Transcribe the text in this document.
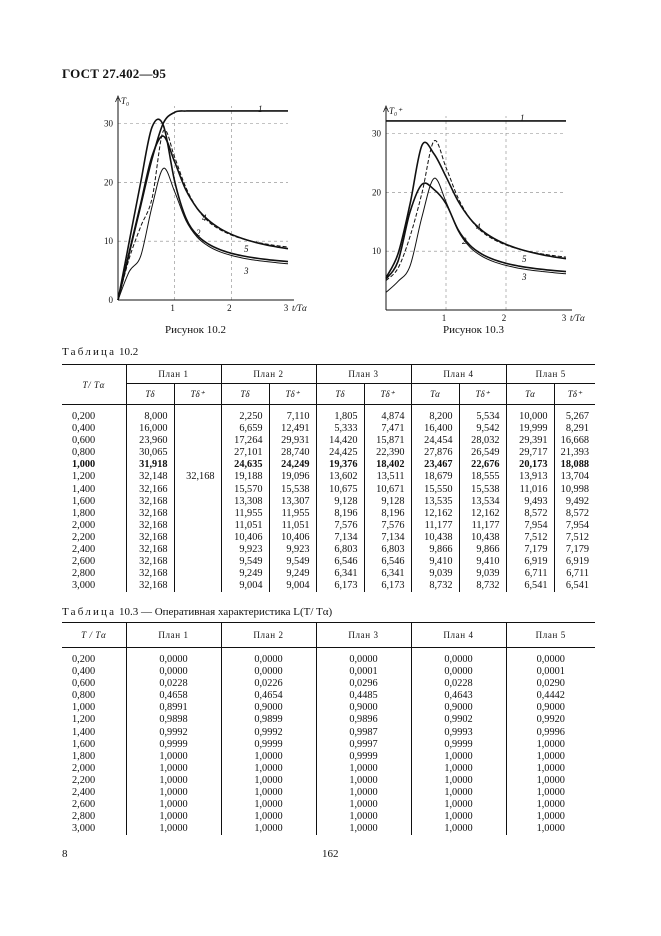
ГОСТ 27.402—95
0
10
20
30
1	2	3
Т₀
t/Tα
1
2
3
4
5
Рисунок 10.2
10
20
30
1	2	3
Т₀⁺
t/Tα
1
2
3
4
5
Рисунок 10.3
Таблица 10.2
T/ Tα	План 1		План 2		План 3		План 4		План 5	
	Тδ	Тδ⁺	Тδ	Тδ⁺	Тδ	Тδ⁺	Тα	Тδ⁺	Тα	Тδ⁺
0,200	8,000		2,250	7,110	1,805	4,874	8,200	5,534	10,000	5,267
0,400	16,000		6,659	12,491	5,333	7,471	16,400	9,542	19,999	8,291
0,600	23,960		17,264	29,931	14,420	15,871	24,454	28,032	29,391	16,668
0,800	30,065		27,101	28,740	24,425	22,390	27,876	26,549	29,717	21,393
1,000	31,918		24,635	24,249	19,376	18,402	23,467	22,676	20,173	18,088
1,200	32,148	32,168	19,188	19,096	13,602	13,511	18,679	18,555	13,913	13,704
1,400	32,166		15,570	15,538	10,675	10,671	15,550	15,538	11,016	10,998
1,600	32,168		13,308	13,307	9,128	9,128	13,535	13,534	9,493	9,492
1,800	32,168		11,955	11,955	8,196	8,196	12,162	12,162	8,572	8,572
2,000	32,168		11,051	11,051	7,576	7,576	11,177	11,177	7,954	7,954
2,200	32,168		10,406	10,406	7,134	7,134	10,438	10,438	7,512	7,512
2,400	32,168		9,923	9,923	6,803	6,803	9,866	9,866	7,179	7,179
2,600	32,168		9,549	9,549	6,546	6,546	9,410	9,410	6,919	6,919
2,800	32,168		9,249	9,249	6,341	6,341	9,039	9,039	6,711	6,711
3,000	32,168		9,004	9,004	6,173	6,173	8,732	8,732	6,541	6,541
Таблица 10.3 — Оперативная характеристика L(T/ Tα)
T / Tα	План 1	План 2	План 3	План 4	План 5
0,200	0,0000	0,0000	0,0000	0,0000	0,0000
0,400	0,0000	0,0000	0,0001	0,0000	0,0001
0,600	0,0228	0,0226	0,0296	0,0228	0,0290
0,800	0,4658	0,4654	0,4485	0,4643	0,4442
1,000	0,8991	0,9000	0,9000	0,9000	0,9000
1,200	0,9898	0,9899	0,9896	0,9902	0,9920
1,400	0,9992	0,9992	0,9987	0,9993	0,9996
1,600	0,9999	0,9999	0,9997	0,9999	1,0000
1,800	1,0000	1,0000	0,9999	1,0000	1,0000
2,000	1,0000	1,0000	1,0000	1,0000	1,0000
2,200	1,0000	1,0000	1,0000	1,0000	1,0000
2,400	1,0000	1,0000	1,0000	1,0000	1,0000
2,600	1,0000	1,0000	1,0000	1,0000	1,0000
2,800	1,0000	1,0000	1,0000	1,0000	1,0000
3,000	1,0000	1,0000	1,0000	1,0000	1,0000
8	162
